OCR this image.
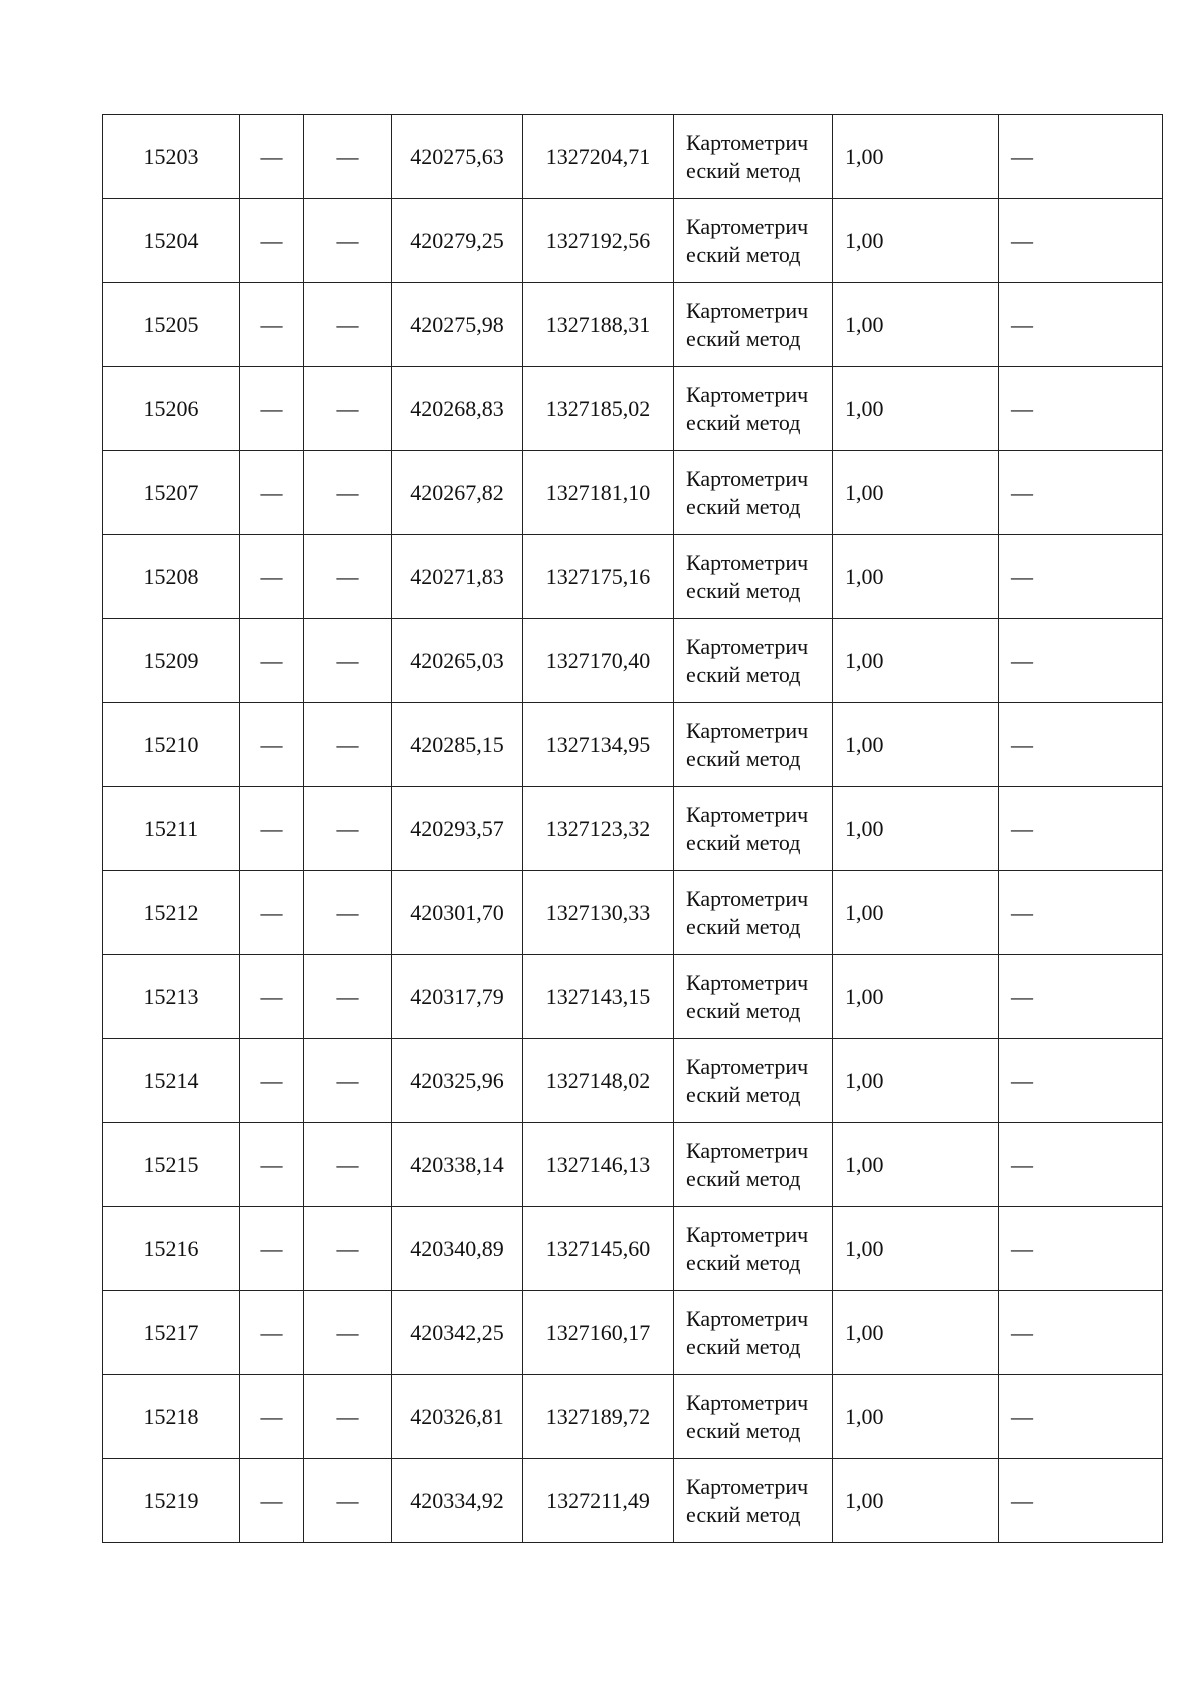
15203	—	—	420275,63	1327204,71	Картометрический метод	1,00	—
15204	—	—	420279,25	1327192,56	Картометрический метод	1,00	—
15205	—	—	420275,98	1327188,31	Картометрический метод	1,00	—
15206	—	—	420268,83	1327185,02	Картометрический метод	1,00	—
15207	—	—	420267,82	1327181,10	Картометрический метод	1,00	—
15208	—	—	420271,83	1327175,16	Картометрический метод	1,00	—
15209	—	—	420265,03	1327170,40	Картометрический метод	1,00	—
15210	—	—	420285,15	1327134,95	Картометрический метод	1,00	—
15211	—	—	420293,57	1327123,32	Картометрический метод	1,00	—
15212	—	—	420301,70	1327130,33	Картометрический метод	1,00	—
15213	—	—	420317,79	1327143,15	Картометрический метод	1,00	—
15214	—	—	420325,96	1327148,02	Картометрический метод	1,00	—
15215	—	—	420338,14	1327146,13	Картометрический метод	1,00	—
15216	—	—	420340,89	1327145,60	Картометрический метод	1,00	—
15217	—	—	420342,25	1327160,17	Картометрический метод	1,00	—
15218	—	—	420326,81	1327189,72	Картометрический метод	1,00	—
15219	—	—	420334,92	1327211,49	Картометрический метод	1,00	—
